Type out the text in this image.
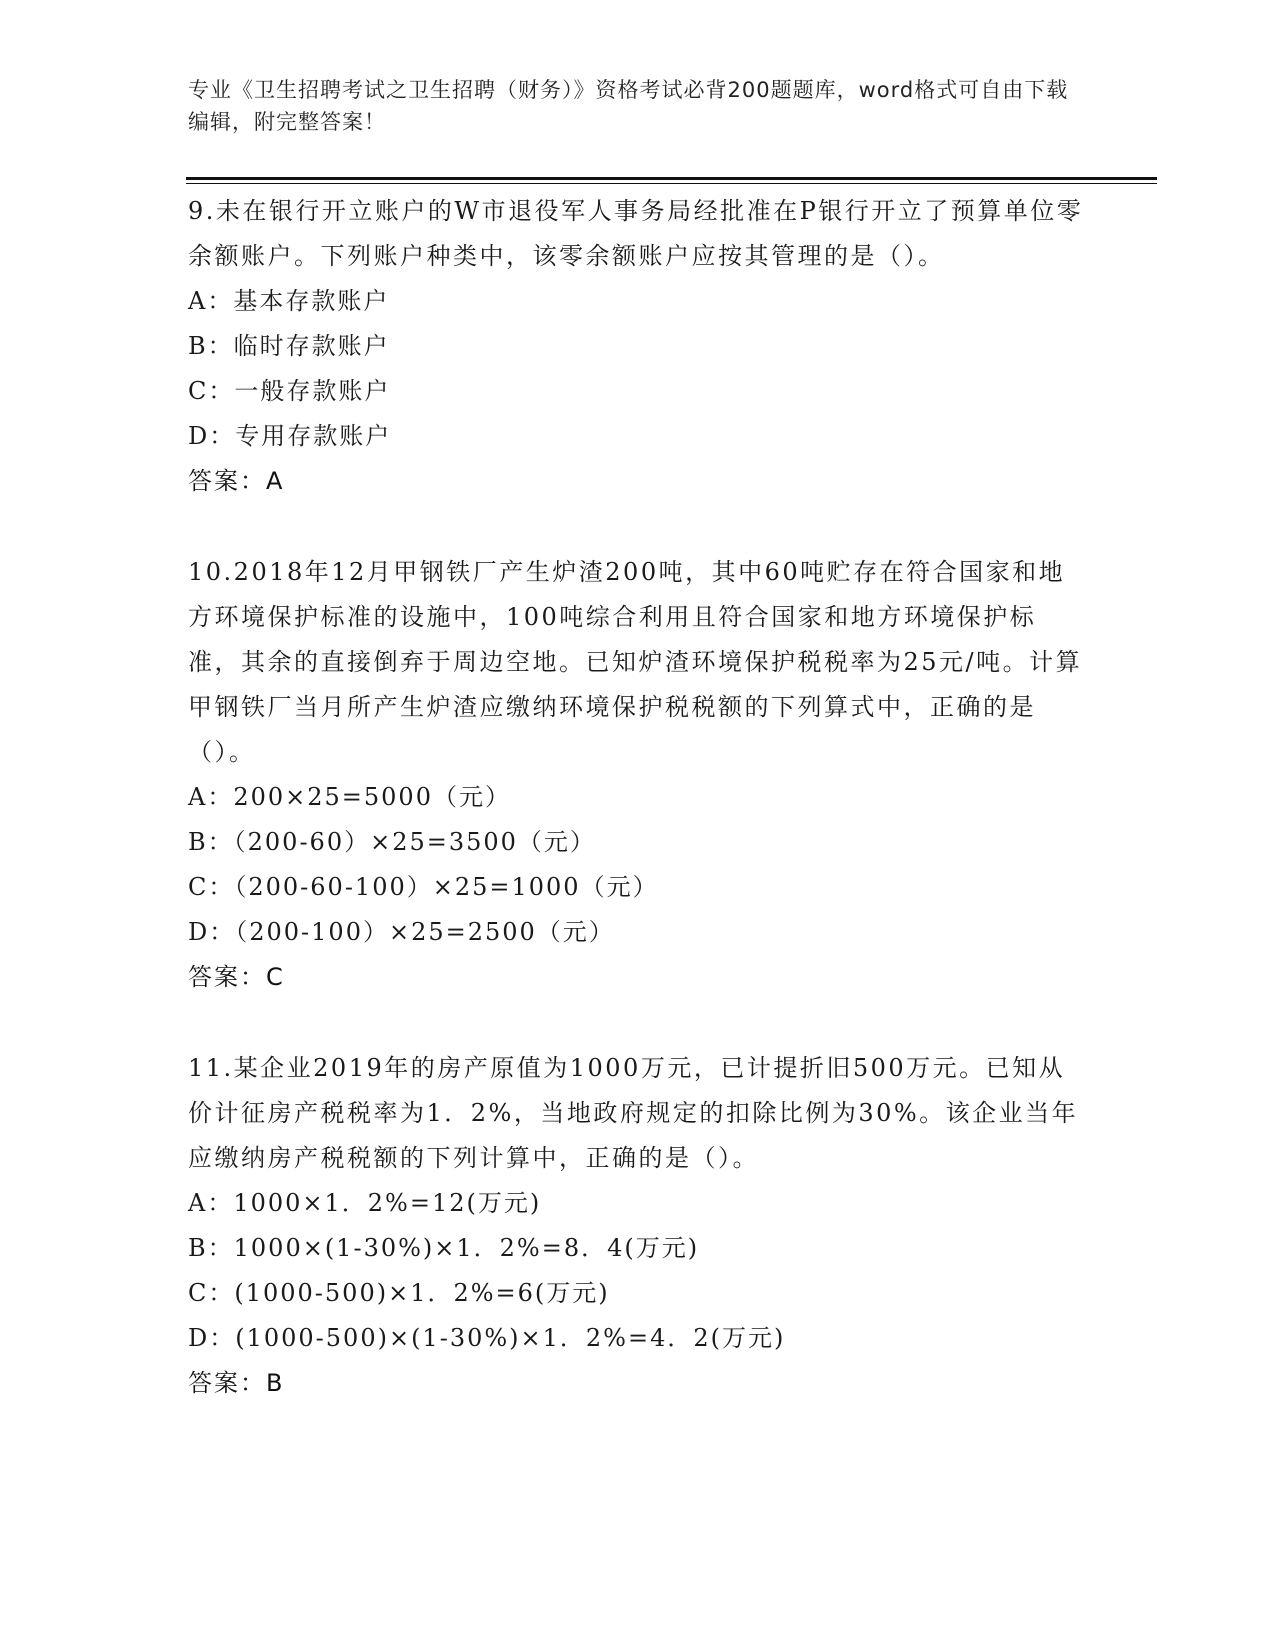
专业《卫生招聘考试之卫生招聘（财务）》资格考试必背200题题库，word格式可自由下载编辑，附完整答案！

9.未在银行开立账户的W市退役军人事务局经批准在P银行开立了预算单位零余额账户。下列账户种类中，该零余额账户应按其管理的是（）。

A：基本存款账户

B：临时存款账户

C：一般存款账户

D：专用存款账户

答案：A

10.2018年12月甲钢铁厂产生炉渣200吨，其中60吨贮存在符合国家和地方环境保护标准的设施中，100吨综合利用且符合国家和地方环境保护标准，其余的直接倒弃于周边空地。已知炉渣环境保护税税率为25元/吨。计算甲钢铁厂当月所产生炉渣应缴纳环境保护税税额的下列算式中，正确的是（）。

A：200×25=5000（元）

B：（200-60）×25=3500（元）

C：（200-60-100）×25=1000（元）

D：（200-100）×25=2500（元）

答案：C

11.某企业2019年的房产原值为1000万元，已计提折旧500万元。已知从价计征房产税税率为1．2%，当地政府规定的扣除比例为30%。该企业当年应缴纳房产税税额的下列计算中，正确的是（）。

A：1000×1．2%=12(万元)

B：1000×(1-30%)×1．2%=8．4(万元)

C：(1000-500)×1．2%=6(万元)

D：(1000-500)×(1-30%)×1．2%=4．2(万元)

答案：B
